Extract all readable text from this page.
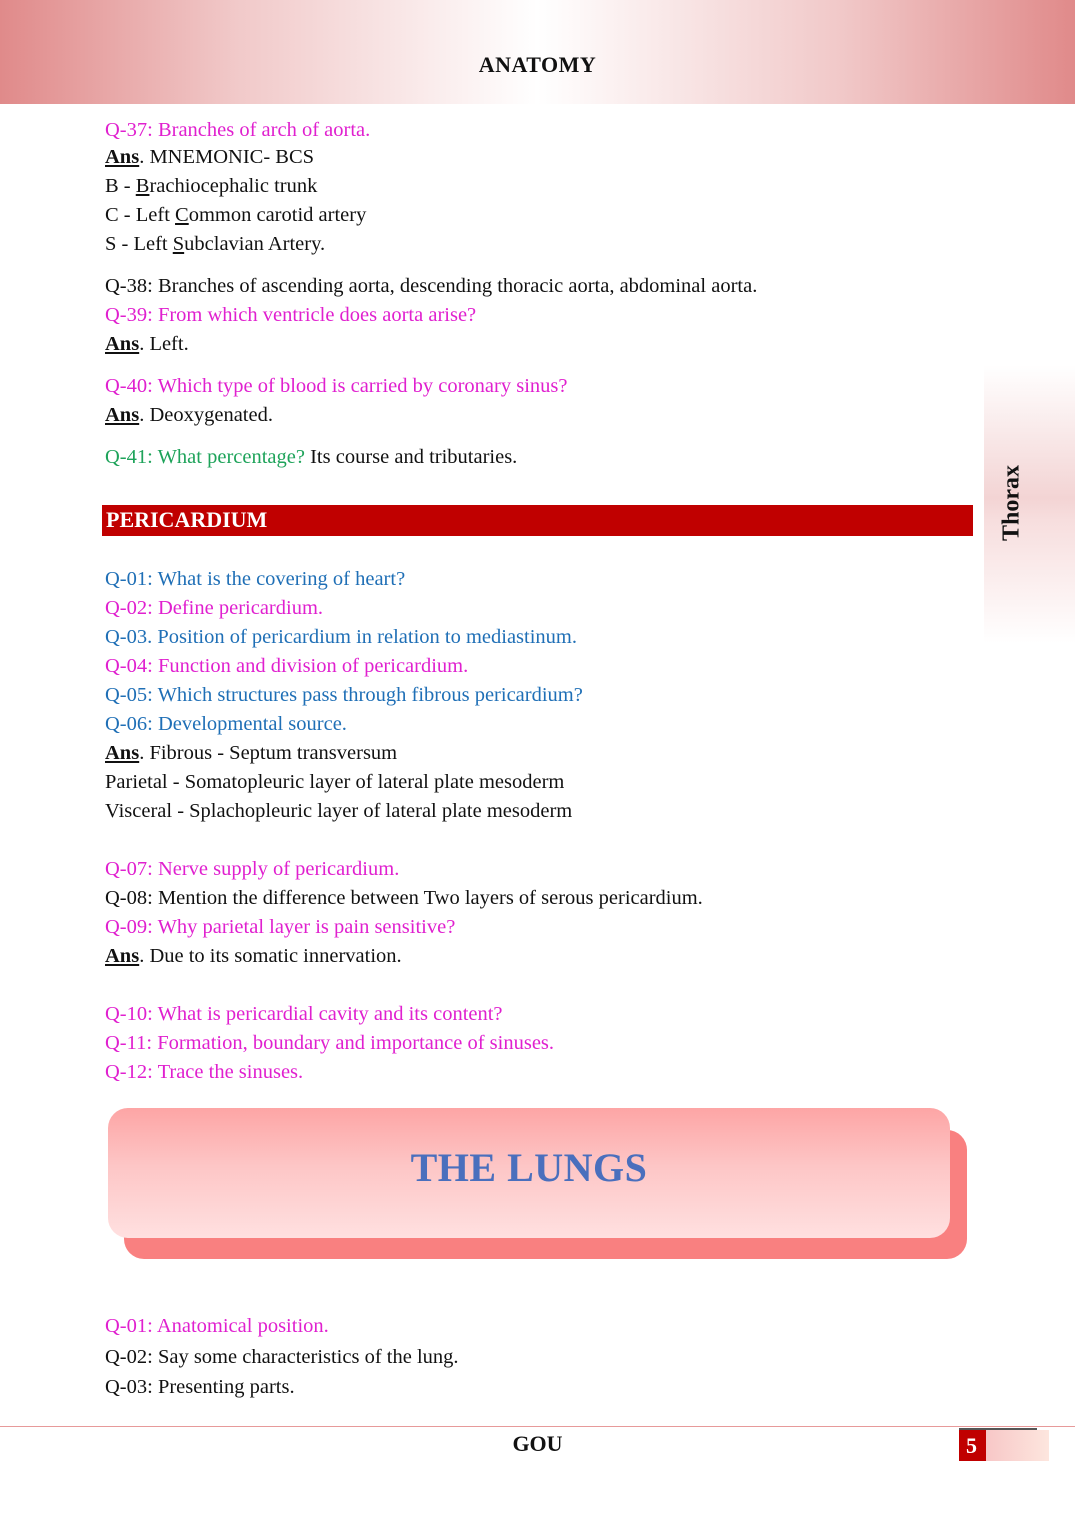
ANATOMY
Thorax
Q-37: Branches of arch of aorta.
Ans. MNEMONIC- BCS
B - Brachiocephalic trunk
C - Left Common carotid artery
S - Left Subclavian Artery.
Q-38: Branches of ascending aorta, descending thoracic aorta, abdominal aorta.
Q-39: From which ventricle does aorta arise?
Ans. Left.
Q-40: Which type of blood is carried by coronary sinus?
Ans. Deoxygenated.
Q-41: What percentage? Its course and tributaries.
PERICARDIUM
Q-01: What is the covering of heart?
Q-02: Define pericardium.
Q-03. Position of pericardium in relation to mediastinum.
Q-04: Function and division of pericardium.
Q-05: Which structures pass through fibrous pericardium?
Q-06: Developmental source.
Ans. Fibrous - Septum transversum
Parietal - Somatopleuric layer of lateral plate mesoderm
Visceral - Splachopleuric layer of lateral plate mesoderm
Q-07: Nerve supply of pericardium.
Q-08: Mention the difference between Two layers of serous pericardium.
Q-09: Why parietal layer is pain sensitive?
Ans. Due to its somatic innervation.
Q-10: What is pericardial cavity and its content?
Q-11: Formation, boundary and importance of sinuses.
Q-12: Trace the sinuses.
THE LUNGS
Q-01: Anatomical position.
Q-02: Say some characteristics of the lung.
Q-03: Presenting parts.
GOU	5
